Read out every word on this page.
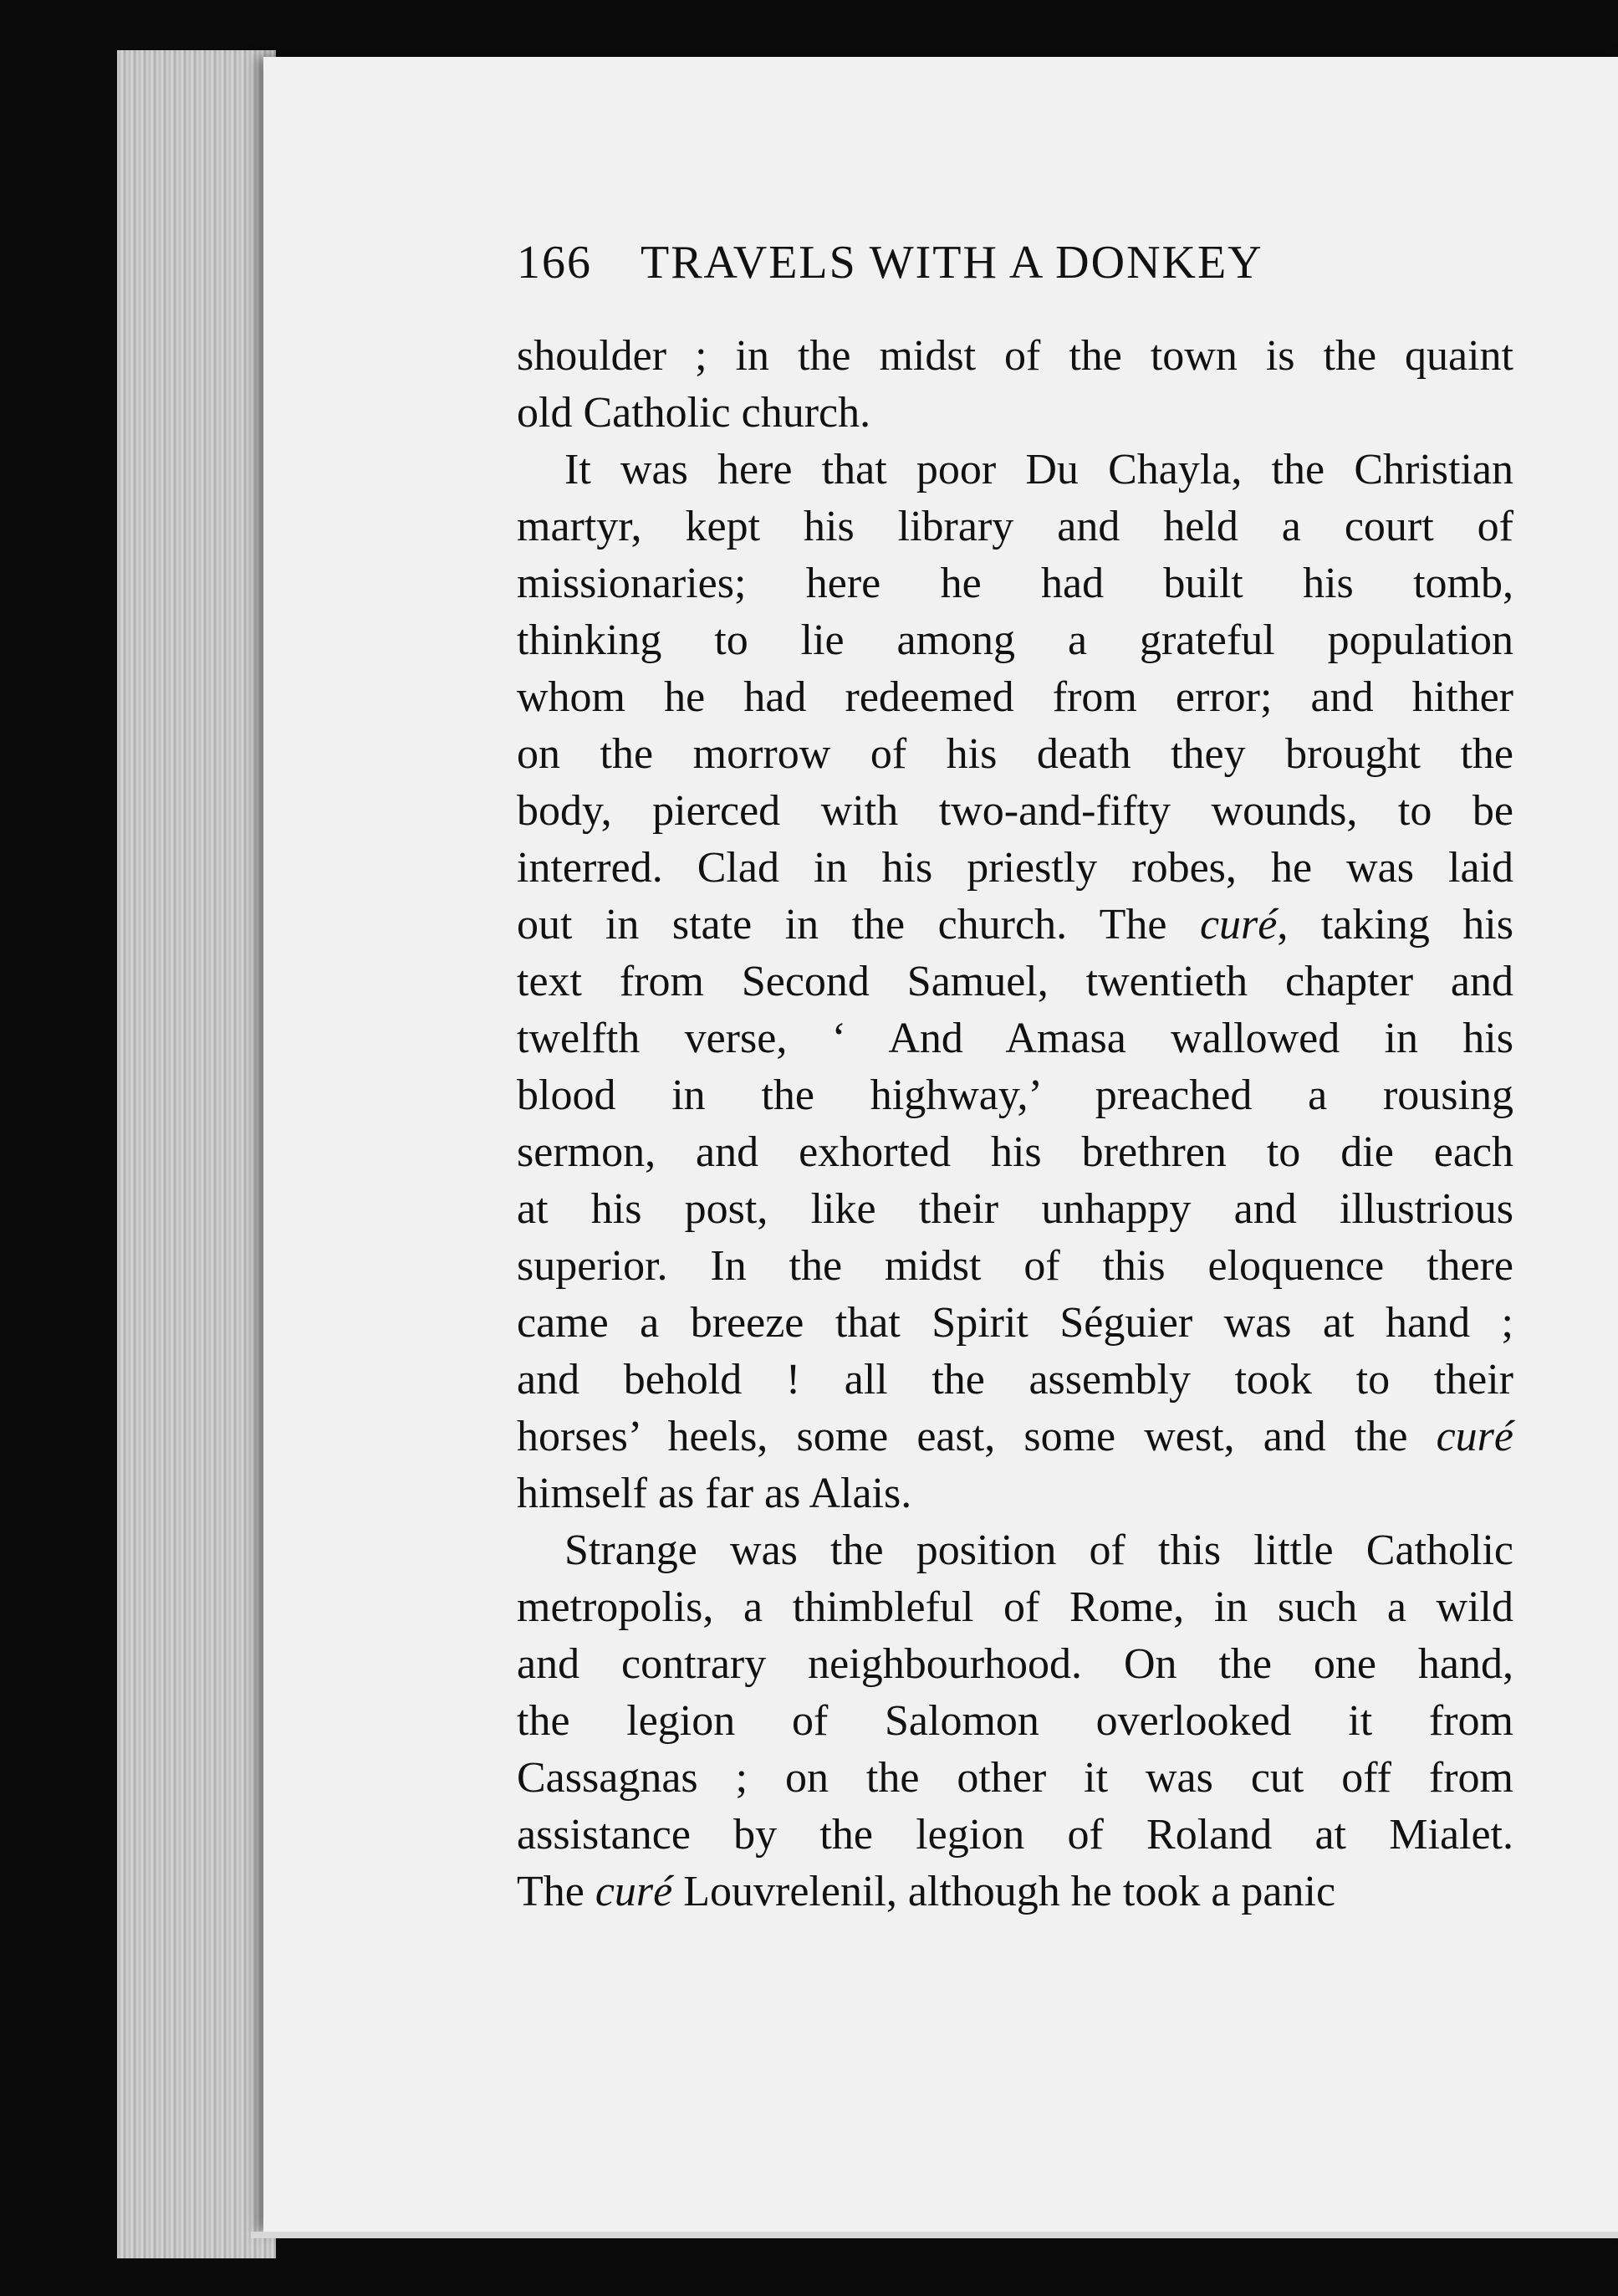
166 TRAVELS WITH A DONKEY

shoulder ; in the midst of the town is the quaint
old Catholic church.

It was here that poor Du Chayla, the Christian
martyr, kept his library and held a court of
missionaries; here he had built his tomb,
thinking to lie among a grateful population
whom he had redeemed from error; and hither
on the morrow of his death they brought the
body, pierced with two-and-fifty wounds, to be
interred. Clad in his priestly robes, he was laid
out in state in the church. The curé, taking his
text from Second Samuel, twentieth chapter and
twelfth verse, ‘ And Amasa wallowed in his
blood in the highway,’ preached a rousing
sermon, and exhorted his brethren to die each
at his post, like their unhappy and illustrious
superior. In the midst of this eloquence there
came a breeze that Spirit Séguier was at hand ;
and behold ! all the assembly took to their
horses’ heels, some east, some west, and the curé
himself as far as Alais.

Strange was the position of this little Catholic
metropolis, a thimbleful of Rome, in such a wild
and contrary neighbourhood. On the one hand,
the legion of Salomon overlooked it from
Cassagnas ; on the other it was cut off from
assistance by the legion of Roland at Mialet.
The curé Louvrelenil, although he took a panic
